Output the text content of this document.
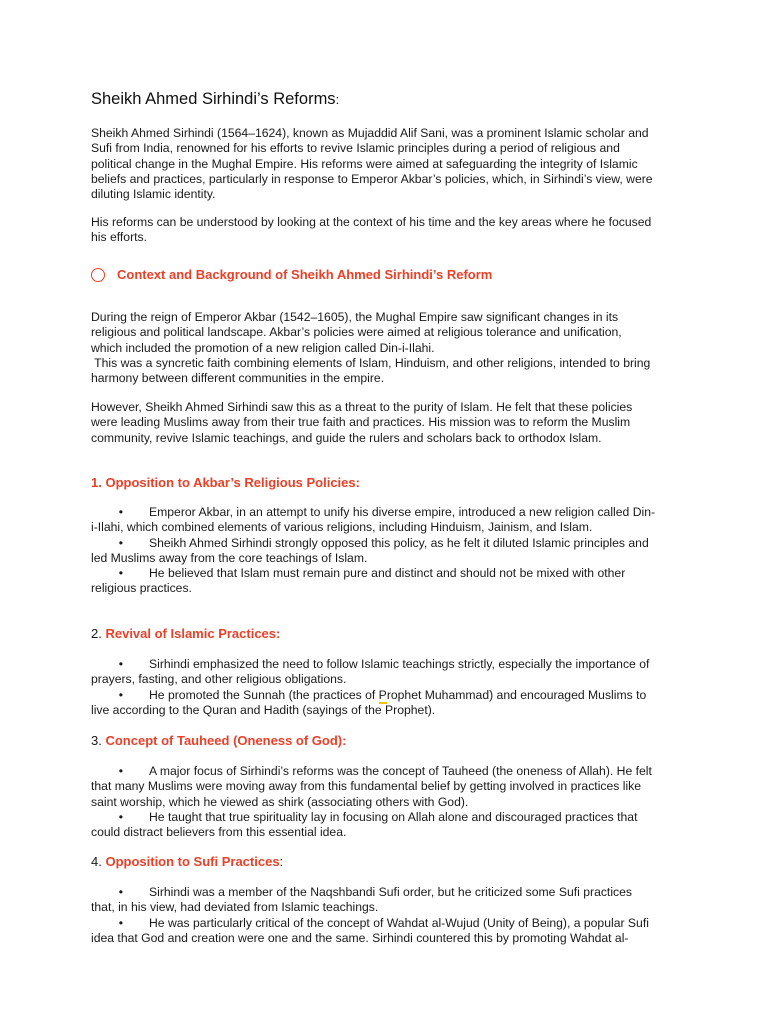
Sheikh Ahmed Sirhindi’s Reforms:
Sheikh Ahmed Sirhindi (1564–1624), known as Mujaddid Alif Sani, was a prominent Islamic scholar and
Sufi from India, renowned for his efforts to revive Islamic principles during a period of religious and
political change in the Mughal Empire. His reforms were aimed at safeguarding the integrity of Islamic
beliefs and practices, particularly in response to Emperor Akbar’s policies, which, in Sirhindi’s view, were
diluting Islamic identity.
His reforms can be understood by looking at the context of his time and the key areas where he focused
his efforts.
Context and Background of Sheikh Ahmed Sirhindi’s Reform
During the reign of Emperor Akbar (1542–1605), the Mughal Empire saw significant changes in its
religious and political landscape. Akbar’s policies were aimed at religious tolerance and unification,
which included the promotion of a new religion called Din-i-Ilahi.
This was a syncretic faith combining elements of Islam, Hinduism, and other religions, intended to bring
harmony between different communities in the empire.
However, Sheikh Ahmed Sirhindi saw this as a threat to the purity of Islam. He felt that these policies
were leading Muslims away from their true faith and practices. His mission was to reform the Muslim
community, revive Islamic teachings, and guide the rulers and scholars back to orthodox Islam.
1. Opposition to Akbar’s Religious Policies:
• Emperor Akbar, in an attempt to unify his diverse empire, introduced a new religion called Din-
i-Ilahi, which combined elements of various religions, including Hinduism, Jainism, and Islam.
• Sheikh Ahmed Sirhindi strongly opposed this policy, as he felt it diluted Islamic principles and
led Muslims away from the core teachings of Islam.
• He believed that Islam must remain pure and distinct and should not be mixed with other
religious practices.
2. Revival of Islamic Practices:
• Sirhindi emphasized the need to follow Islamic teachings strictly, especially the importance of
prayers, fasting, and other religious obligations.
• He promoted the Sunnah (the practices of Prophet Muhammad) and encouraged Muslims to
live according to the Quran and Hadith (sayings of the Prophet).
3. Concept of Tauheed (Oneness of God):
• A major focus of Sirhindi’s reforms was the concept of Tauheed (the oneness of Allah). He felt
that many Muslims were moving away from this fundamental belief by getting involved in practices like
saint worship, which he viewed as shirk (associating others with God).
• He taught that true spirituality lay in focusing on Allah alone and discouraged practices that
could distract believers from this essential idea.
4. Opposition to Sufi Practices:
• Sirhindi was a member of the Naqshbandi Sufi order, but he criticized some Sufi practices
that, in his view, had deviated from Islamic teachings.
• He was particularly critical of the concept of Wahdat al-Wujud (Unity of Being), a popular Sufi
idea that God and creation were one and the same. Sirhindi countered this by promoting Wahdat al-
